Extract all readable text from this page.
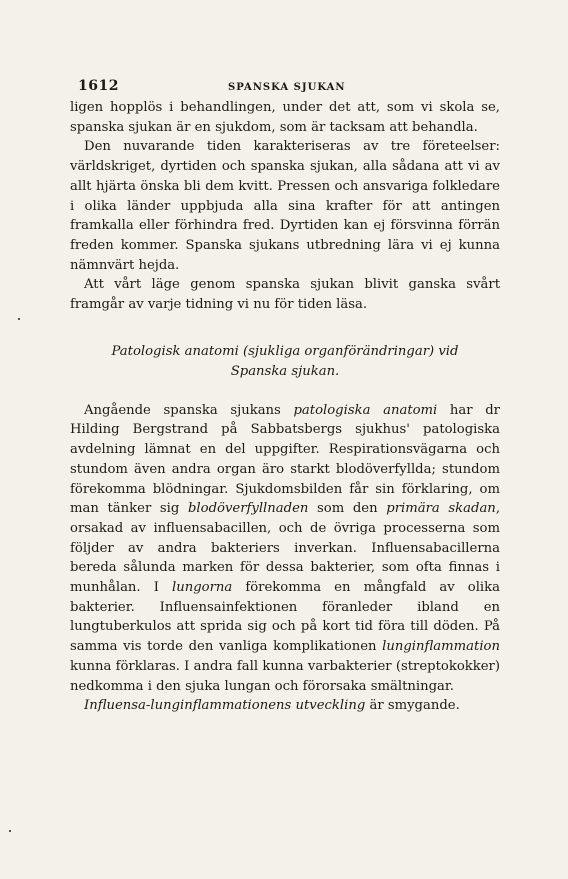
1612	SPANSKA SJUKAN

ligen hopplös i behandlingen, under det att, som vi skola se, spanska sjukan är en sjukdom, som är tacksam att behandla.

Den nuvarande tiden karakteriseras av tre företeelser: världskriget, dyrtiden och spanska sjukan, alla sådana att vi av allt hjärta önska bli dem kvitt. Pressen och ansvariga folkledare i olika länder uppbjuda alla sina krafter för att antingen framkalla eller förhindra fred. Dyrtiden kan ej försvinna förrän freden kommer. Spanska sjukans utbredning lära vi ej kunna nämnvärt hejda.

Att vårt läge genom spanska sjukan blivit ganska svårt framgår av varje tidning vi nu för tiden läsa.

Patologisk anatomi (sjukliga organförändringar) vid
Spanska sjukan.

Angående spanska sjukans patologiska anatomi har dr Hilding Bergstrand på Sabbatsbergs sjukhus' patologiska avdelning lämnat en del uppgifter. Respirationsvägarna och stundom även andra organ äro starkt blodöverfyllda; stundom förekomma blödningar. Sjukdomsbilden får sin förklaring, om man tänker sig blodöverfyllnaden som den primära skadan, orsakad av influensabacillen, och de övriga processerna som följder av andra bakteriers inverkan. Influensabacillerna bereda sålunda marken för dessa bakterier, som ofta finnas i munhålan. I lungorna förekomma en mångfald av olika bakterier. Influensainfektionen föranleder ibland en lungtuberkulos att sprida sig och på kort tid föra till döden. På samma vis torde den vanliga komplikationen lunginflammation kunna förklaras. I andra fall kunna varbakterier (streptokokker) nedkomma i den sjuka lungan och förorsaka smältningar.

Influensa-lunginflammationens utveckling är smygande.
